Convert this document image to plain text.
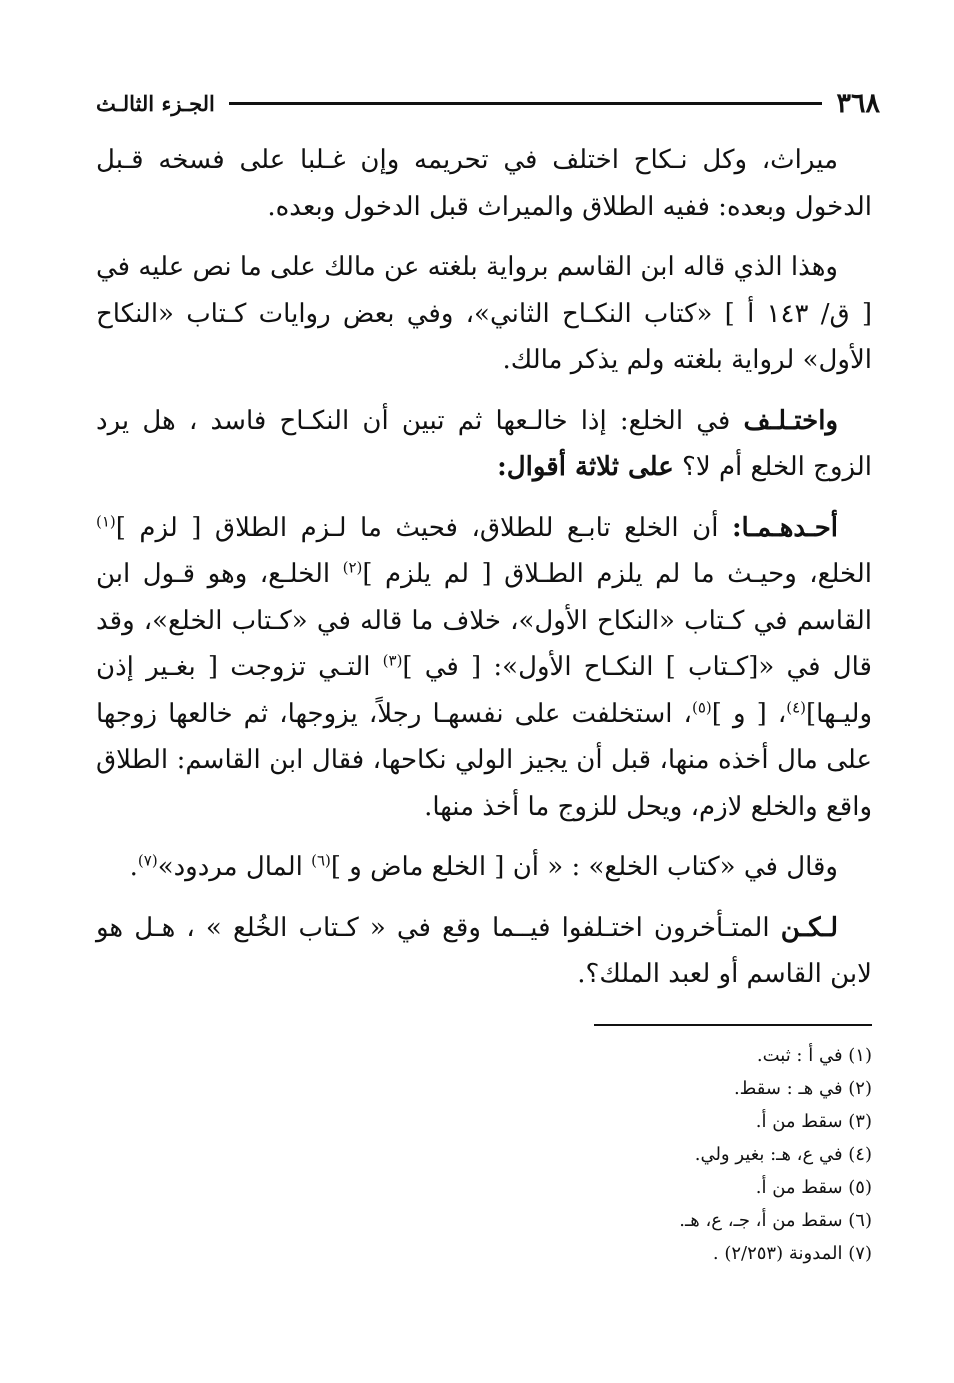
٣٦٨
الجـزء الثالـث

ميراث، وكل نـكاح اختلف في تحريمه وإن غـلبا على فسخه قـبل الدخول وبعده: ففيه الطلاق والميراث قبل الدخول وبعده.

وهذا الذي قاله ابن القاسم برواية بلغته عن مالك على ما نص عليه في [ ق/ ١٤٣ أ ] «كتاب النكـاح الثاني»، وفي بعض روايات كـتاب «النكاح الأول» لرواية بلغته ولم يذكر مالك.

واختـلـف في الخلع: إذا خالـعها ثم تبين أن النكـاح فاسد ، هل يرد الزوج الخلع أم لا؟ على ثلاثة أقوال:

أحـدهـمـا: أن الخلع تابـع للطلاق، فحيث ما لـزم الطلاق [ لزم ]$^{(١)}$ الخلع، وحيـث ما لم يلزم الطـلاق [ لم يلزم ]$^{(٢)}$ الخلـع، وهو قـول ابن القاسم في كـتاب «النكاح الأول»، خلاف ما قاله في «كـتاب الخلع»، وقد قال في «[كـتاب ] النكـاح الأول»: [ في ]$^{(٣)}$ التـي تزوجت [ بغـير إذن وليـها]$^{(٤)}$، [ و ]$^{(٥)}$، استخلفت على نفسهـا رجلاً، يزوجها، ثم خالعها زوجها على مال أخذه منها، قبل أن يجيز الولي نكاحها، فقال ابن القاسم: الطلاق واقع والخلع لازم، ويحل للزوج ما أخذ منها.

وقال في «كتاب الخلع» : « أن [ الخلع ماض و ]$^{(٦)}$ المال مردود»$^{(٧)}$.

لـكـن المتـأخرون اختـلفوا فيــما وقع في « كـتاب الخُلع » ، هـل هو لابن القاسم أو لعبد الملك؟.

(١) في أ : ثبت.
(٢) في هـ : سقط.
(٣) سقط من أ.
(٤) في ع، هـ: بغير ولي.
(٥) سقط من أ.
(٦) سقط من أ، جـ، ع، هـ.
(٧) المدونة (٢/٢٥٣) .
